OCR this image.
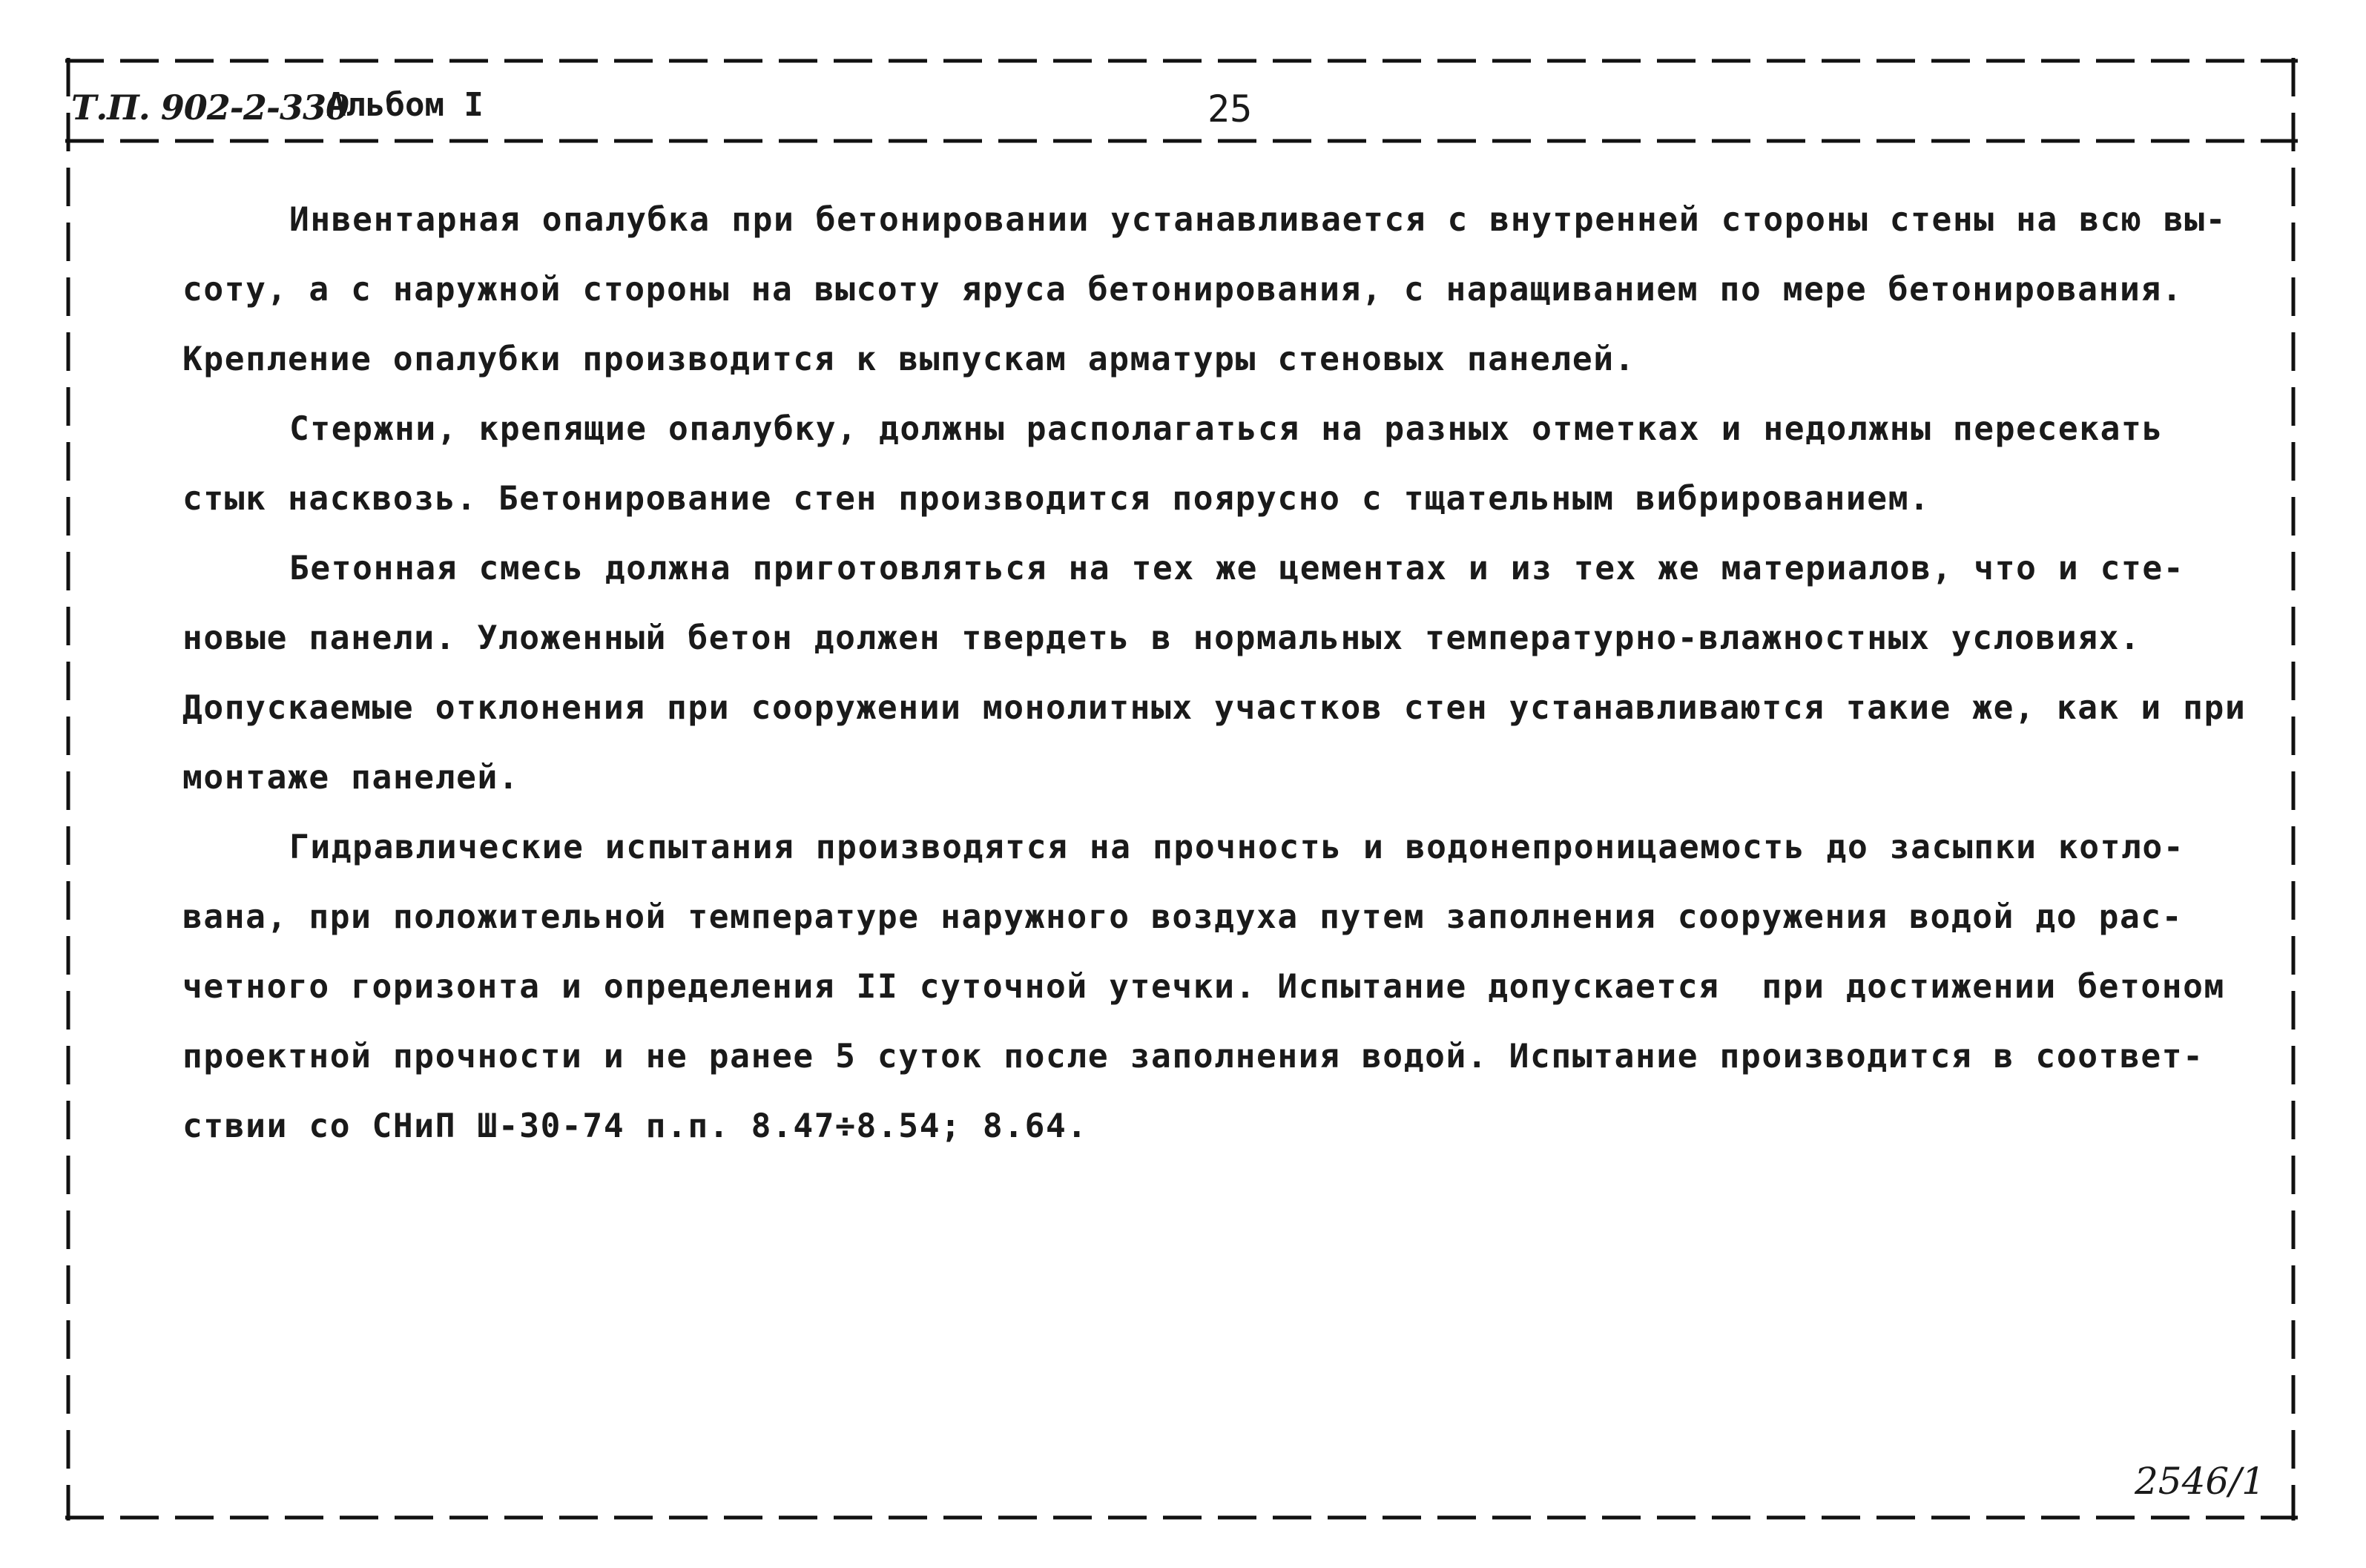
Т.П. 902-2-330
Альбом I	25
Инвентарная опалубка при бетонировании устанавливается с внутренней стороны стены на всю вы-
соту, а с наружной стороны на высоту яруса бетонирования, с наращиванием по мере бетонирования.
Крепление опалубки производится к выпускам арматуры стеновых панелей.
Стержни, крепящие опалубку, должны располагаться на разных отметках и недолжны пересекать
стык насквозь. Бетонирование стен производится поярусно с тщательным вибрированием.
Бетонная смесь должна приготовляться на тех же цементах и из тех же материалов, что и сте-
новые панели. Уложенный бетон должен твердеть в нормальных температурно-влажностных условиях.
Допускаемые отклонения при сооружении монолитных участков стен устанавливаются такие же, как и при
монтаже панелей.
Гидравлические испытания производятся на прочность и водонепроницаемость до засыпки котло-
вана, при положительной температуре наружного воздуха путем заполнения сооружения водой до рас-
четного горизонта и определения II суточной утечки. Испытание допускается  при достижении бетоном
проектной прочности и не ранее 5 суток после заполнения водой. Испытание производится в соответ-
ствии со СНиП Ш-30-74 п.п. 8.47÷8.54; 8.64.
2546/1
